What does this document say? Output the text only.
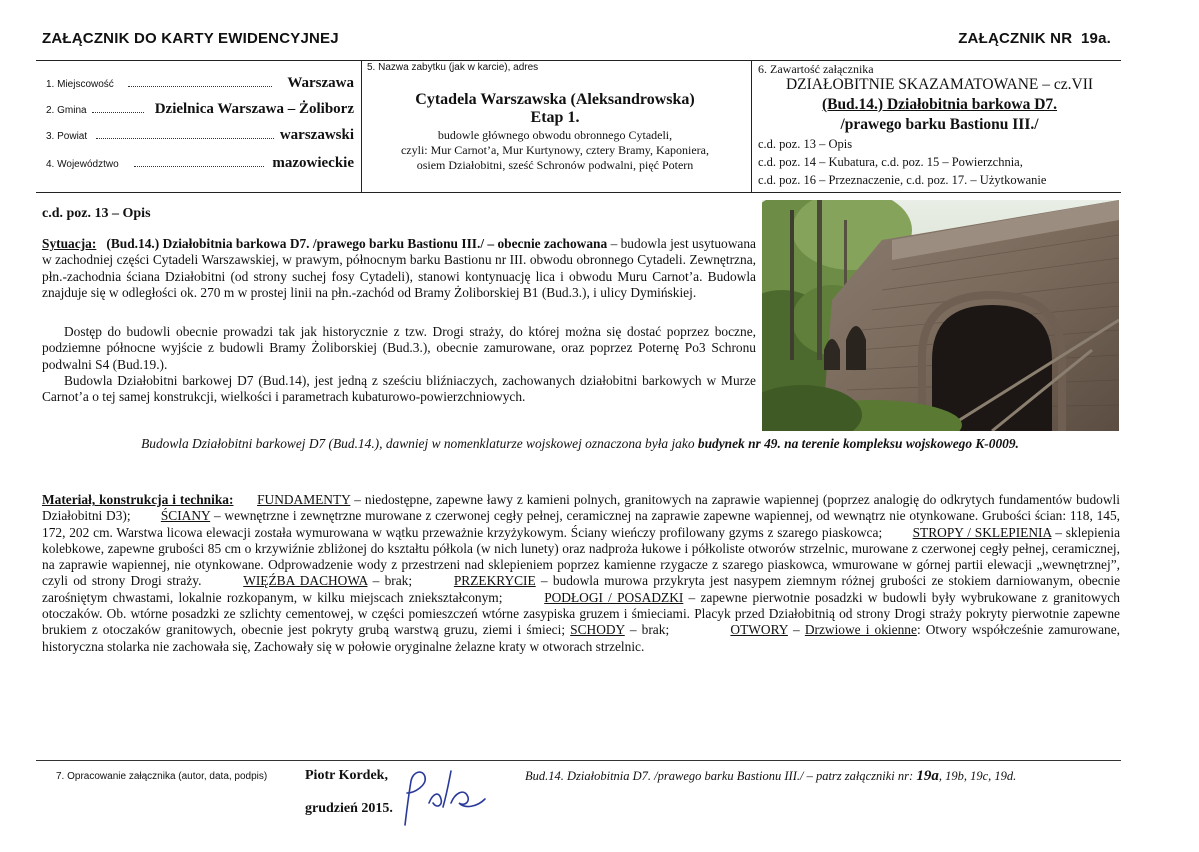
ZAŁĄCZNIK DO KARTY EWIDENCYJNEJ	ZAŁĄCZNIK NR 19a.
1. Miejscowość	Warszawa
2. Gmina	Dzielnica Warszawa – Żoliborz
3. Powiat	warszawski
4. Województwo	mazowieckie
5. Nazwa zabytku (jak w karcie), adres
Cytadela Warszawska (Aleksandrowska)
Etap 1.
budowle głównego obwodu obronnego Cytadeli,
czyli: Mur Carnot’a, Mur Kurtynowy, cztery Bramy, Kaponiera,
osiem Działobitni, sześć Schronów podwalni, pięć Potern
6. Zawartość załącznika
DZIAŁOBITNIE SKAZAMATOWANE – cz.VII
(Bud.14.) Działobitnia barkowa D7.
/prawego barku Bastionu III./
c.d. poz. 13 – Opis
c.d. poz. 14 – Kubatura, c.d. poz. 15 – Powierzchnia,
c.d. poz. 16 – Przeznaczenie, c.d. poz. 17. – Użytkowanie
c.d. poz. 13 – Opis
Sytuacja: (Bud.14.) Działobitnia barkowa D7. /prawego barku Bastionu III./ – obecnie zachowana – budowla jest usytuowana w zachodniej części Cytadeli Warszawskiej, w prawym, północnym barku Bastionu nr III. obwodu obronnego Cytadeli. Zewnętrzna, płn.-zachodnia ściana Działobitni (od strony suchej fosy Cytadeli), stanowi kontynuację lica i obwodu Muru Carnot’a. Budowla znajduje się w odległości ok. 270 m w prostej linii na płn.-zachód od Bramy Żoliborskiej B1 (Bud.3.), i ulicy Dymińskiej.
Dostęp do budowli obecnie prowadzi tak jak historycznie z tzw. Drogi straży, do której można się dostać poprzez boczne, podziemne północne wyjście z budowli Bramy Żoliborskiej (Bud.3.), obecnie zamurowane, oraz poprzez Poternę Po3 Schronu podwalni S4 (Bud.19.).
Budowla Działobitni barkowej D7 (Bud.14), jest jedną z sześciu bliźniaczych, zachowanych działobitni barkowych w Murze Carnot’a o tej samej konstrukcji, wielkości i parametrach kubaturowo-powierzchniowych.
Budowla Działobitni barkowej D7 (Bud.14.), dawniej w nomenklaturze wojskowej oznaczona była jako budynek nr 49. na terenie kompleksu wojskowego K-0009.
Materiał, konstrukcja i technika: FUNDAMENTY – niedostępne, zapewne ławy z kamieni polnych, granitowych na zaprawie wapiennej (poprzez analogię do odkrytych fundamentów budowli Działobitni D3); ŚCIANY – wewnętrzne i zewnętrzne murowane z czerwonej cegły pełnej, ceramicznej na zaprawie zapewne wapiennej, od wewnątrz nie otynkowane. Grubości ścian: 118, 145, 172, 202 cm. Warstwa licowa elewacji została wymurowana w wątku przeważnie krzyżykowym. Ściany wieńczy profilowany gzyms z szarego piaskowca; STROPY / SKLEPIENIA – sklepienia kolebkowe, zapewne grubości 85 cm o krzywiźnie zbliżonej do kształtu półkola (w nich lunety) oraz nadproża łukowe i półkoliste otworów strzelnic, murowane z czerwonej cegły pełnej, ceramicznej, na zaprawie wapiennej, nie otynkowane. Odprowadzenie wody z przestrzeni nad sklepieniem poprzez kamienne rzygacze z szarego piaskowca, wmurowane w górnej partii elewacji „wewnętrznej”, czyli od strony Drogi straży.	WIĘŹBA DACHOWA – brak;	PRZEKRYCIE – budowla murowa przykryta jest nasypem ziemnym różnej grubości ze stokiem darniowanym, obecnie zarośniętym chwastami, lokalnie rozkopanym, w kilku miejscach zniekształconym;	PODŁOGI / POSADZKI – zapewne pierwotnie posadzki w budowli były wybrukowane z granitowych otoczaków. Ob. wtórne posadzki ze szlichty cementowej, w części pomieszczeń wtórne zasypiska gruzem i śmieciami. Placyk przed Działobitnią od strony Drogi straży pokryty pierwotnie zapewne brukiem z otoczaków granitowych, obecnie jest pokryty grubą warstwą gruzu, ziemi i śmieci; SCHODY – brak;	OTWORY – Drzwiowe i okienne: Otwory współcześnie zamurowane, historyczna stolarka nie zachowała się, Zachowały się w połowie oryginalne żelazne kraty w otworach strzelnic.
7. Opracowanie załącznika (autor, data, podpis)	Piotr Kordek,
grudzień 2015.
Bud.14. Działobitnia D7. /prawego barku Bastionu III./ – patrz załączniki nr: 19a, 19b, 19c, 19d.
